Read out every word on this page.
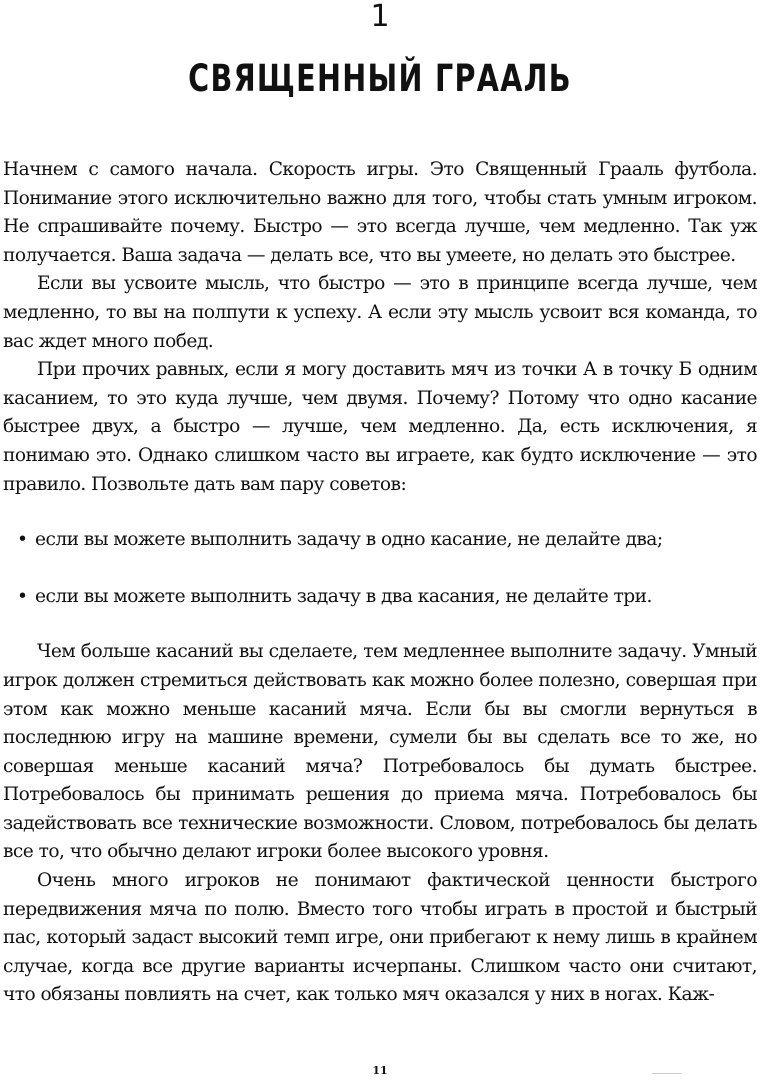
1
СВЯЩЕННЫЙ ГРААЛЬ

Начнем с самого начала. Скорость игры. Это Священный Грааль футбола. Понимание этого исключительно важно для того, чтобы стать умным игроком. Не спрашивайте почему. Быстро — это всегда лучше, чем медленно. Так уж получается. Ваша задача — делать все, что вы умеете, но делать это быстрее.

Если вы усвоите мысль, что быстро — это в принципе всегда лучше, чем медленно, то вы на полпути к успеху. А если эту мысль усвоит вся команда, то вас ждет много побед.

При прочих равных, если я могу доставить мяч из точки А в точку Б одним касанием, то это куда лучше, чем двумя. Почему? Потому что одно касание быстрее двух, а быстро — лучше, чем медленно. Да, есть исключения, я понимаю это. Однако слишком часто вы играете, как будто исключение — это правило. Позвольте дать вам пару советов:

• если вы можете выполнить задачу в одно касание, не делайте два;
• если вы можете выполнить задачу в два касания, не делайте три.

Чем больше касаний вы сделаете, тем медленнее выполните задачу. Умный игрок должен стремиться действовать как можно более полезно, совершая при этом как можно меньше касаний мяча. Если бы вы смогли вернуться в последнюю игру на машине времени, сумели бы вы сделать все то же, но совершая меньше касаний мяча? Потребовалось бы думать быстрее. Потребовалось бы принимать решения до приема мяча. Потребовалось бы задействовать все технические возможности. Словом, потребовалось бы делать все то, что обычно делают игроки более высокого уровня.

Очень много игроков не понимают фактической ценности быстрого передвижения мяча по полю. Вместо того чтобы играть в простой и быстрый пас, который задаст высокий темп игре, они прибегают к нему лишь в крайнем случае, когда все другие варианты исчерпаны. Слишком часто они считают, что обязаны повлиять на счет, как только мяч оказался у них в ногах. Каж-

11
